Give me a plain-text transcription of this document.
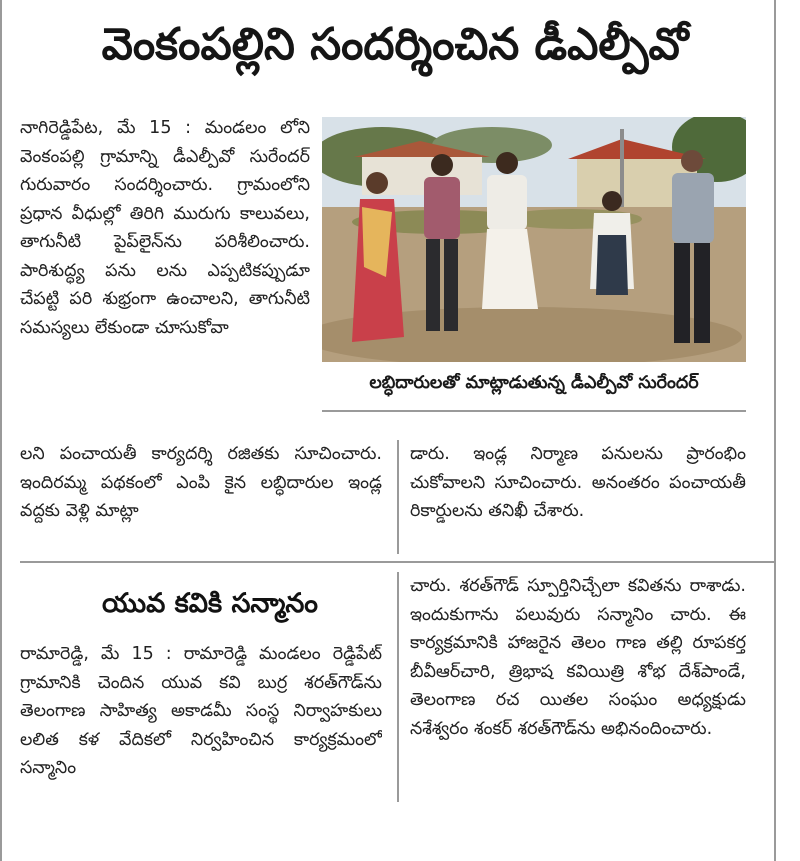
వెంకంపల్లిని సందర్శించిన డీఎల్పీవో

నాగిరెడ్డిపేట, మే 15 : మండలం లోని వెంకంపల్లి గ్రామాన్ని డీఎల్పీవో సురేందర్ గురువారం సందర్శించారు. గ్రామంలోని ప్రధాన వీధుల్లో తిరిగి మురుగు కాలువలు, తాగునీటి పైప్‌లైన్‌ను పరిశీలించారు. పారిశుద్ధ్య పను లను ఎప్పటికప్పుడూ చేపట్టి పరి శుభ్రంగా ఉంచాలని, తాగునీటి సమస్యలు లేకుండా చూసుకోవా

లబ్ధిదారులతో మాట్లాడుతున్న డీఎల్పీవో సురేందర్

లని పంచాయతీ కార్యదర్శి రజితకు సూచించారు. ఇందిరమ్మ పథకంలో ఎంపి కైన లబ్ధిదారుల ఇండ్ల వద్దకు వెళ్లి మాట్లా

డారు. ఇండ్ల నిర్మాణ పనులను ప్రారంభిం చుకోవాలని సూచించారు. అనంతరం పంచాయతీ రికార్డులను తనిఖీ చేశారు.

యువ కవికి సన్మానం

రామారెడ్డి, మే 15 : రామారెడ్డి మండలం రెడ్డిపేట్ గ్రామానికి చెందిన యువ కవి బుర్ర శరత్‌గౌడ్‌ను తెలంగాణ సాహిత్య అకాడమీ సంస్థ నిర్వాహకులు లలిత కళ వేదికలో నిర్వహించిన కార్యక్రమంలో సన్మానిం

చారు. శరత్‌గౌడ్ స్పూర్తినిచ్చేలా కవితను రాశాడు. ఇందుకుగాను పలువురు సన్మానిం చారు. ఈ కార్యక్రమానికి హాజరైన తెలం గాణ తల్లి రూపకర్త బీవీఆర్‌చారి, త్రిభాష కవియిత్రి శోభ దేశ్‌పాండే, తెలంగాణ రచ యితల సంఘం అధ్యక్షుడు నశేశ్వరం శంకర్ శరత్‌గౌడ్‌ను అభినందించారు.
